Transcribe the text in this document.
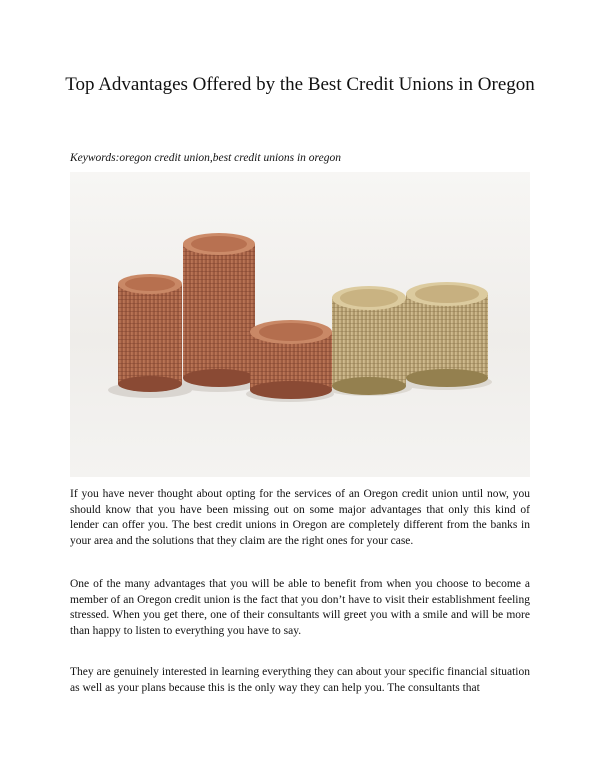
Top Advantages Offered by the Best Credit Unions in Oregon

Keywords:oregon credit union,best credit unions in oregon

If you have never thought about opting for the services of an Oregon credit union until now, you should know that you have been missing out on some major advantages that only this kind of lender can offer you. The best credit unions in Oregon are completely different from the banks in your area and the solutions that they claim are the right ones for your case.

One of the many advantages that you will be able to benefit from when you choose to become a member of an Oregon credit union is the fact that you don’t have to visit their establishment feeling stressed. When you get there, one of their consultants will greet you with a smile and will be more than happy to listen to everything you have to say.

They are genuinely interested in learning everything they can about your specific financial situation as well as your plans because this is the only way they can help you. The consultants that
